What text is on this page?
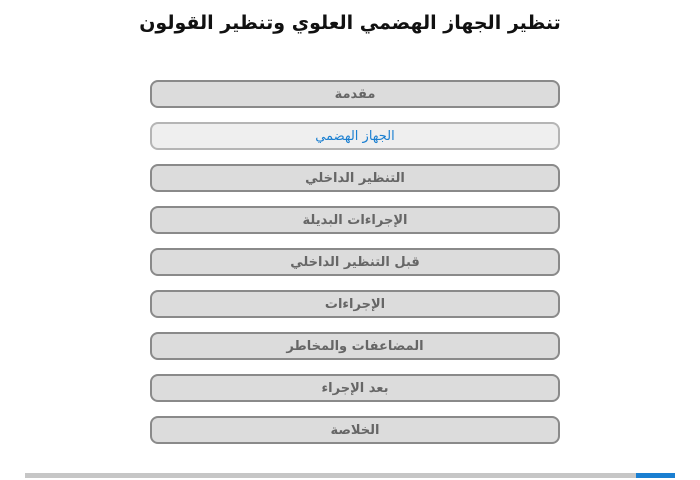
تنظير الجهاز الهضمي العلوي وتنظير القولون
مقدمة
الجهاز الهضمي
التنظير الداخلي
الإجراءات البديلة
قبل التنظير الداخلي
الإجراءات
المضاعفات والمخاطر
بعد الإجراء
الخلاصة
